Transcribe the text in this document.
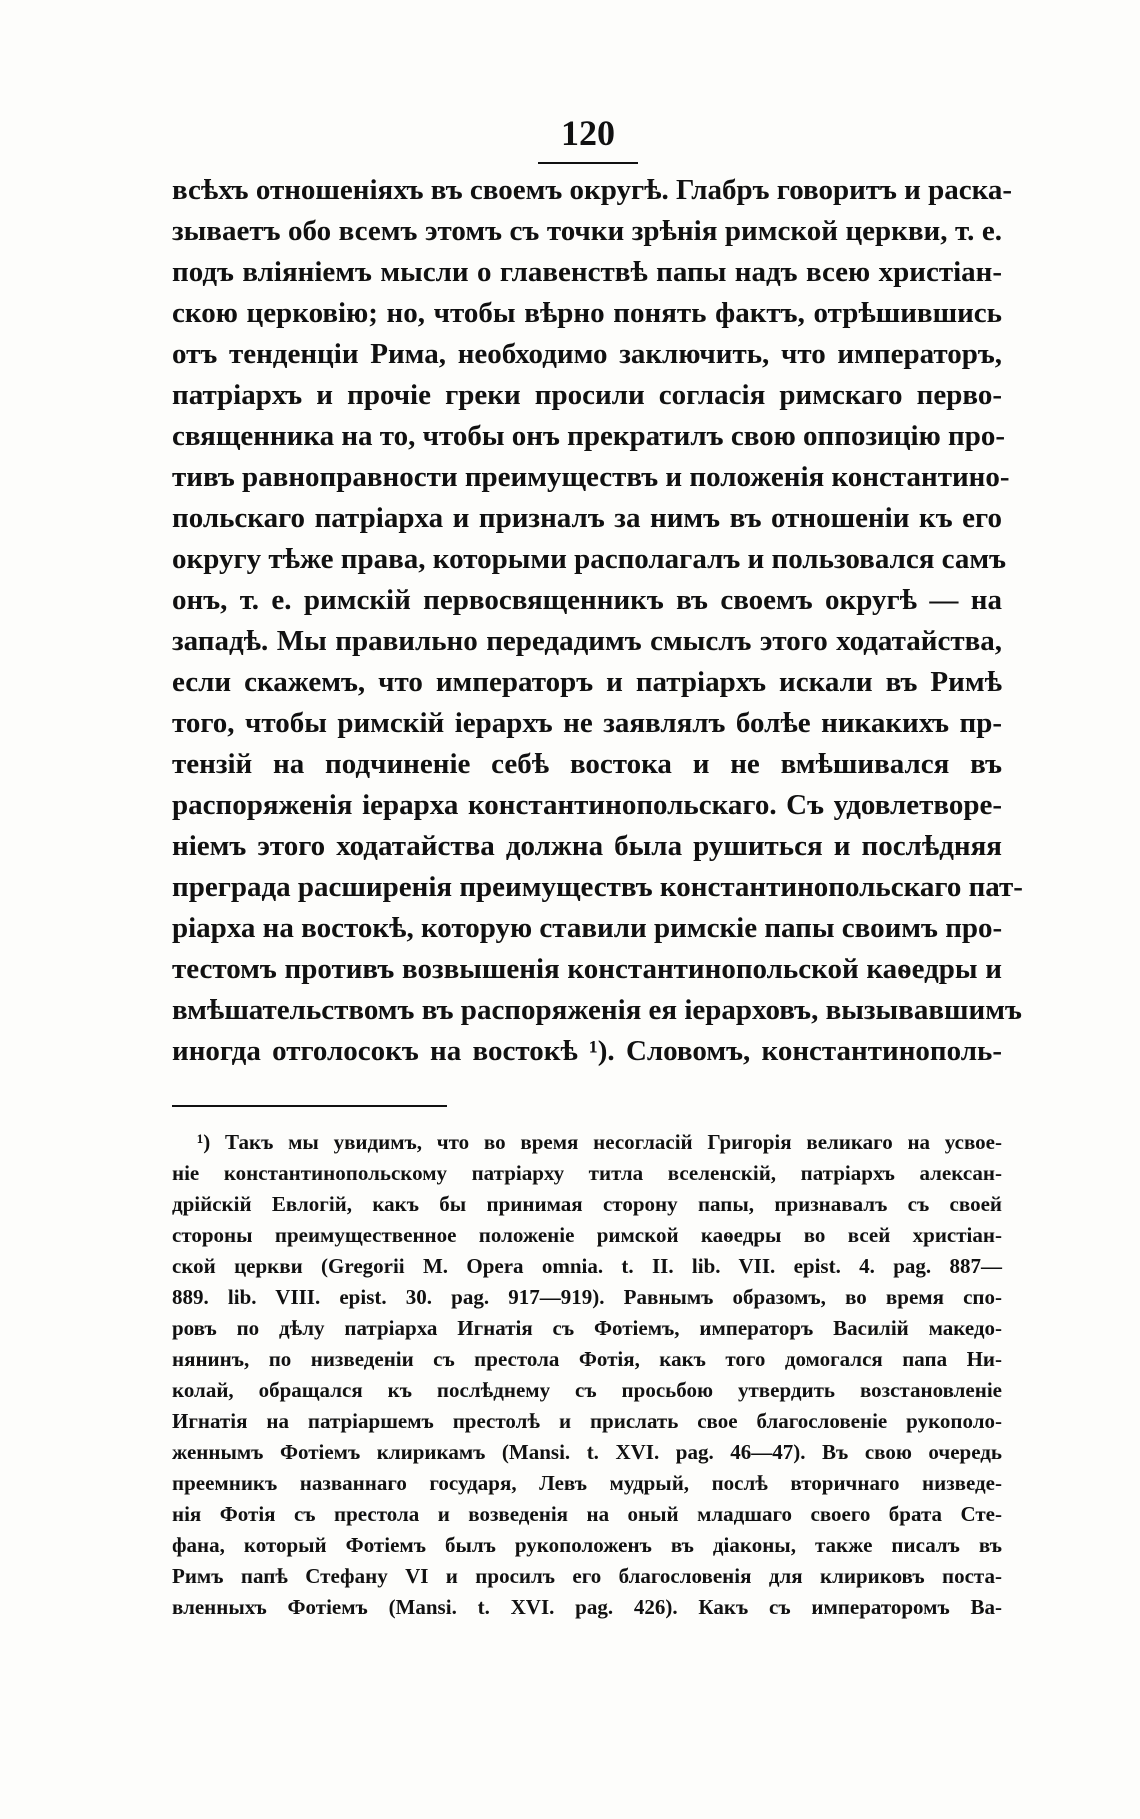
120
всѣхъ отношеніяхъ въ своемъ округѣ. Глабръ говоритъ и раска-
зываетъ обо всемъ этомъ съ точки зрѣнія римской церкви, т. е.
подъ вліяніемъ мысли о главенствѣ папы надъ всею христіан-
скою церковію; но, чтобы вѣрно понять фактъ, отрѣшившись
отъ тенденціи Рима, необходимо заключить, что императоръ,
патріархъ и прочіе греки просили согласія римскаго перво-
священника на то, чтобы онъ прекратилъ свою оппозицію про-
тивъ равноправности преимуществъ и положенія константино-
польскаго патріарха и призналъ за нимъ въ отношеніи къ его
округу тѣже права, которыми располагалъ и пользовался самъ
онъ, т. е. римскій первосвященникъ въ своемъ округѣ — на
западѣ. Мы правильно передадимъ смыслъ этого ходатайства,
если скажемъ, что императоръ и патріархъ искали въ Римѣ
того, чтобы римскій іерархъ не заявлялъ болѣе никакихъ пр-
тензій на подчиненіе себѣ востока и не вмѣшивался въ
распоряженія іерарха константинопольскаго. Съ удовлетворе-
ніемъ этого ходатайства должна была рушиться и послѣдняя
преграда расширенія преимуществъ константинопольскаго пат-
ріарха на востокѣ, которую ставили римскіе папы своимъ про-
тестомъ противъ возвышенія константинопольской каѳедры и
вмѣшательствомъ въ распоряженія ея іерарховъ, вызывавшимъ
иногда отголосокъ на востокѣ ¹). Словомъ, константинополь-
¹) Такъ мы увидимъ, что во время несогласій Григорія великаго на усвое-
ніе константинопольскому патріарху титла вселенскій, патріархъ алексан-
дрійскій Евлогій, какъ бы принимая сторону папы, признавалъ съ своей
стороны преимущественное положеніе римской каѳедры во всей христіан-
ской церкви (Gregorii M. Opera omnia. t. II. lib. VII. epist. 4. pag. 887—
889. lib. VIII. epist. 30. pag. 917—919). Равнымъ образомъ, во время спо-
ровъ по дѣлу патріарха Игнатія съ Фотіемъ, императоръ Василій македо-
нянинъ, по низведеніи съ престола Фотія, какъ того домогался папа Ни-
колай, обращался къ послѣднему съ просьбою утвердить возстановленіе
Игнатія на патріаршемъ престолѣ и прислать свое благословеніе рукополо-
женнымъ Фотіемъ клирикамъ (Mansi. t. XVI. pag. 46—47). Въ свою очередь
преемникъ названнаго государя, Левъ мудрый, послѣ вторичнаго низведе-
нія Фотія съ престола и возведенія на оный младшаго своего брата Сте-
фана, который Фотіемъ былъ рукоположенъ въ діаконы, также писалъ въ
Римъ папѣ Стефану VI и просилъ его благословенія для клириковъ поста-
вленныхъ Фотіемъ (Mansi. t. XVI. pag. 426). Какъ съ императоромъ Ва-
